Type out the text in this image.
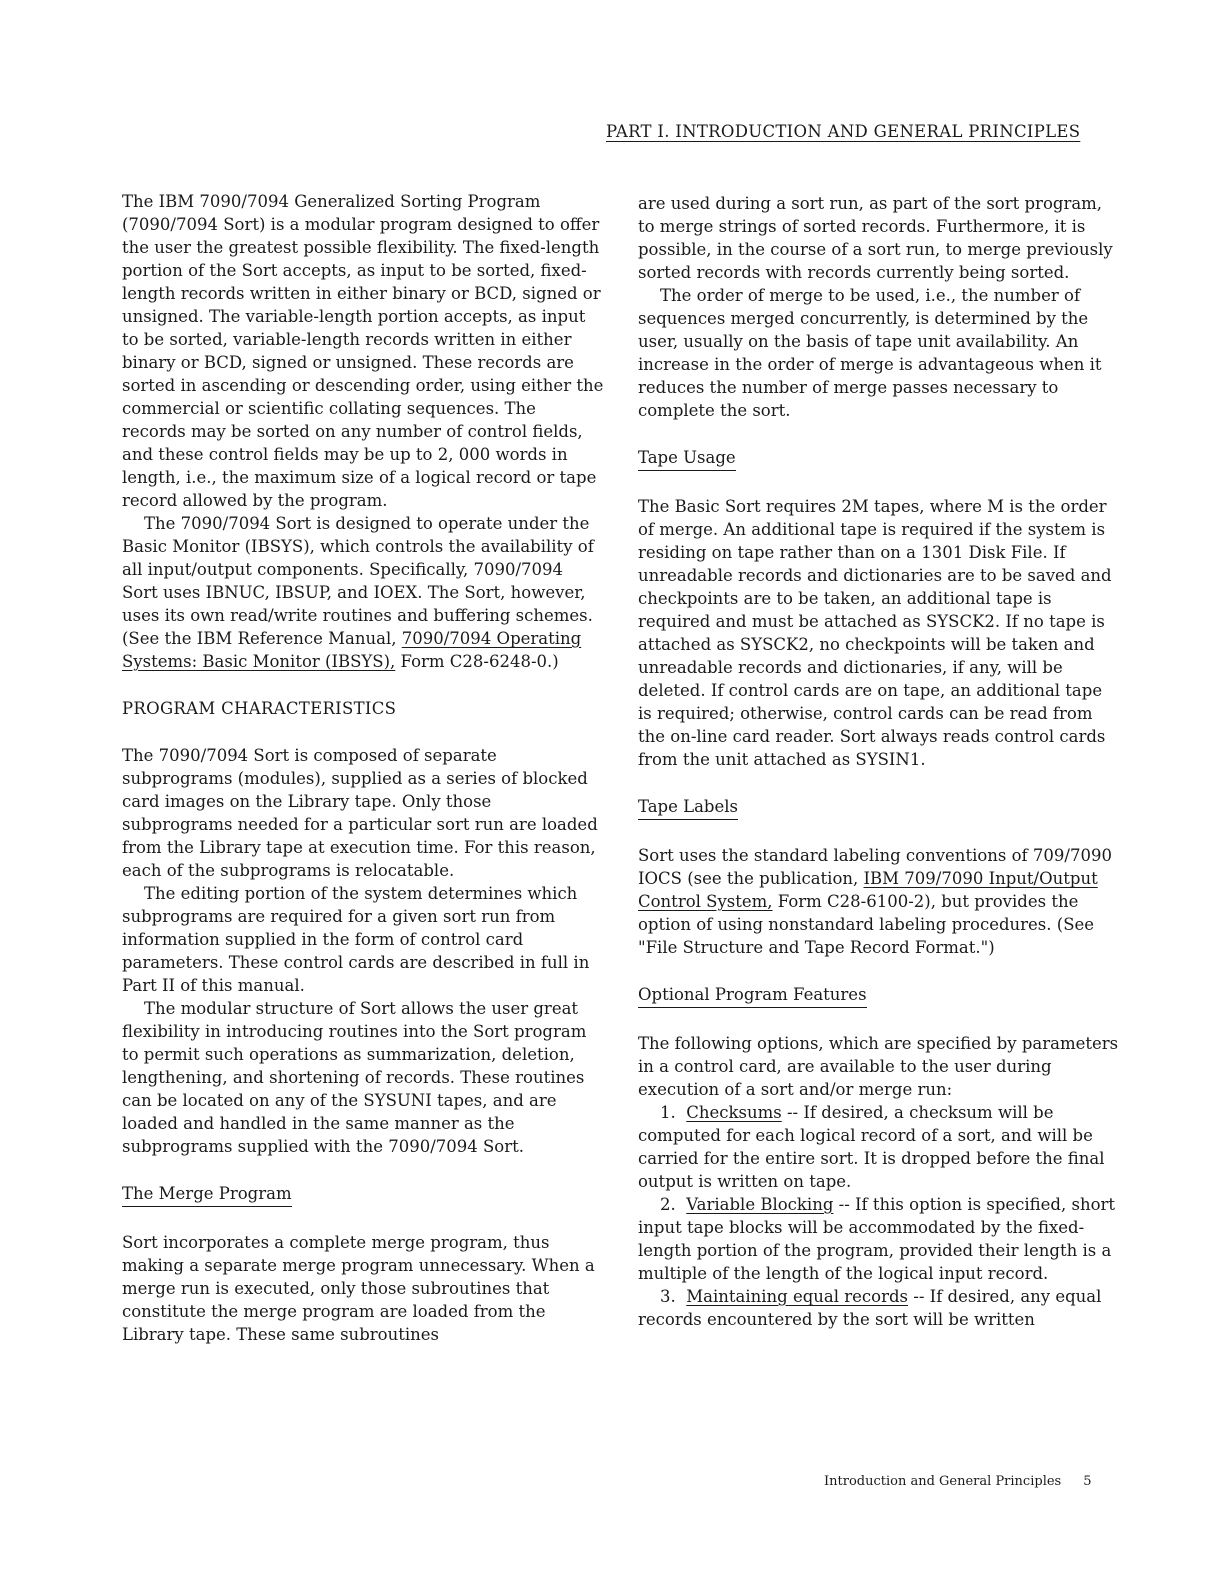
PART I. INTRODUCTION AND GENERAL PRINCIPLES

The IBM 7090/7094 Generalized Sorting Program (7090/7094 Sort) is a modular program designed to offer the user the greatest possible flexibility. The fixed-length portion of the Sort accepts, as input to be sorted, fixed-length records written in either binary or BCD, signed or unsigned. The variable-length portion accepts, as input to be sorted, variable-length records written in either binary or BCD, signed or unsigned. These records are sorted in ascending or descending order, using either the commercial or scientific collating sequences. The records may be sorted on any number of control fields, and these control fields may be up to 2, 000 words in length, i.e., the maximum size of a logical record or tape record allowed by the program.

The 7090/7094 Sort is designed to operate under the Basic Monitor (IBSYS), which controls the availability of all input/output components. Specifically, 7090/7094 Sort uses IBNUC, IBSUP, and IOEX. The Sort, however, uses its own read/write routines and buffering schemes. (See the IBM Reference Manual, 7090/7094 Operating Systems: Basic Monitor (IBSYS), Form C28-6248-0.)

PROGRAM CHARACTERISTICS

The 7090/7094 Sort is composed of separate subprograms (modules), supplied as a series of blocked card images on the Library tape. Only those subprograms needed for a particular sort run are loaded from the Library tape at execution time. For this reason, each of the subprograms is relocatable.

The editing portion of the system determines which subprograms are required for a given sort run from information supplied in the form of control card parameters. These control cards are described in full in Part II of this manual.

The modular structure of Sort allows the user great flexibility in introducing routines into the Sort program to permit such operations as summarization, deletion, lengthening, and shortening of records. These routines can be located on any of the SYSUNI tapes, and are loaded and handled in the same manner as the subprograms supplied with the 7090/7094 Sort.

The Merge Program

Sort incorporates a complete merge program, thus making a separate merge program unnecessary. When a merge run is executed, only those subroutines that constitute the merge program are loaded from the Library tape. These same subroutines

are used during a sort run, as part of the sort program, to merge strings of sorted records. Furthermore, it is possible, in the course of a sort run, to merge previously sorted records with records currently being sorted.

The order of merge to be used, i.e., the number of sequences merged concurrently, is determined by the user, usually on the basis of tape unit availability. An increase in the order of merge is advantageous when it reduces the number of merge passes necessary to complete the sort.

Tape Usage

The Basic Sort requires 2M tapes, where M is the order of merge. An additional tape is required if the system is residing on tape rather than on a 1301 Disk File. If unreadable records and dictionaries are to be saved and checkpoints are to be taken, an additional tape is required and must be attached as SYSCK2. If no tape is attached as SYSCK2, no checkpoints will be taken and unreadable records and dictionaries, if any, will be deleted. If control cards are on tape, an additional tape is required; otherwise, control cards can be read from the on-line card reader. Sort always reads control cards from the unit attached as SYSIN1.

Tape Labels

Sort uses the standard labeling conventions of 709/7090 IOCS (see the publication, IBM 709/7090 Input/Output Control System, Form C28-6100-2), but provides the option of using nonstandard labeling procedures. (See "File Structure and Tape Record Format.")

Optional Program Features

The following options, which are specified by parameters in a control card, are available to the user during execution of a sort and/or merge run:

1. Checksums -- If desired, a checksum will be computed for each logical record of a sort, and will be carried for the entire sort. It is dropped before the final output is written on tape.

2. Variable Blocking -- If this option is specified, short input tape blocks will be accommodated by the fixed-length portion of the program, provided their length is a multiple of the length of the logical input record.

3. Maintaining equal records -- If desired, any equal records encountered by the sort will be written

Introduction and General Principles 5
